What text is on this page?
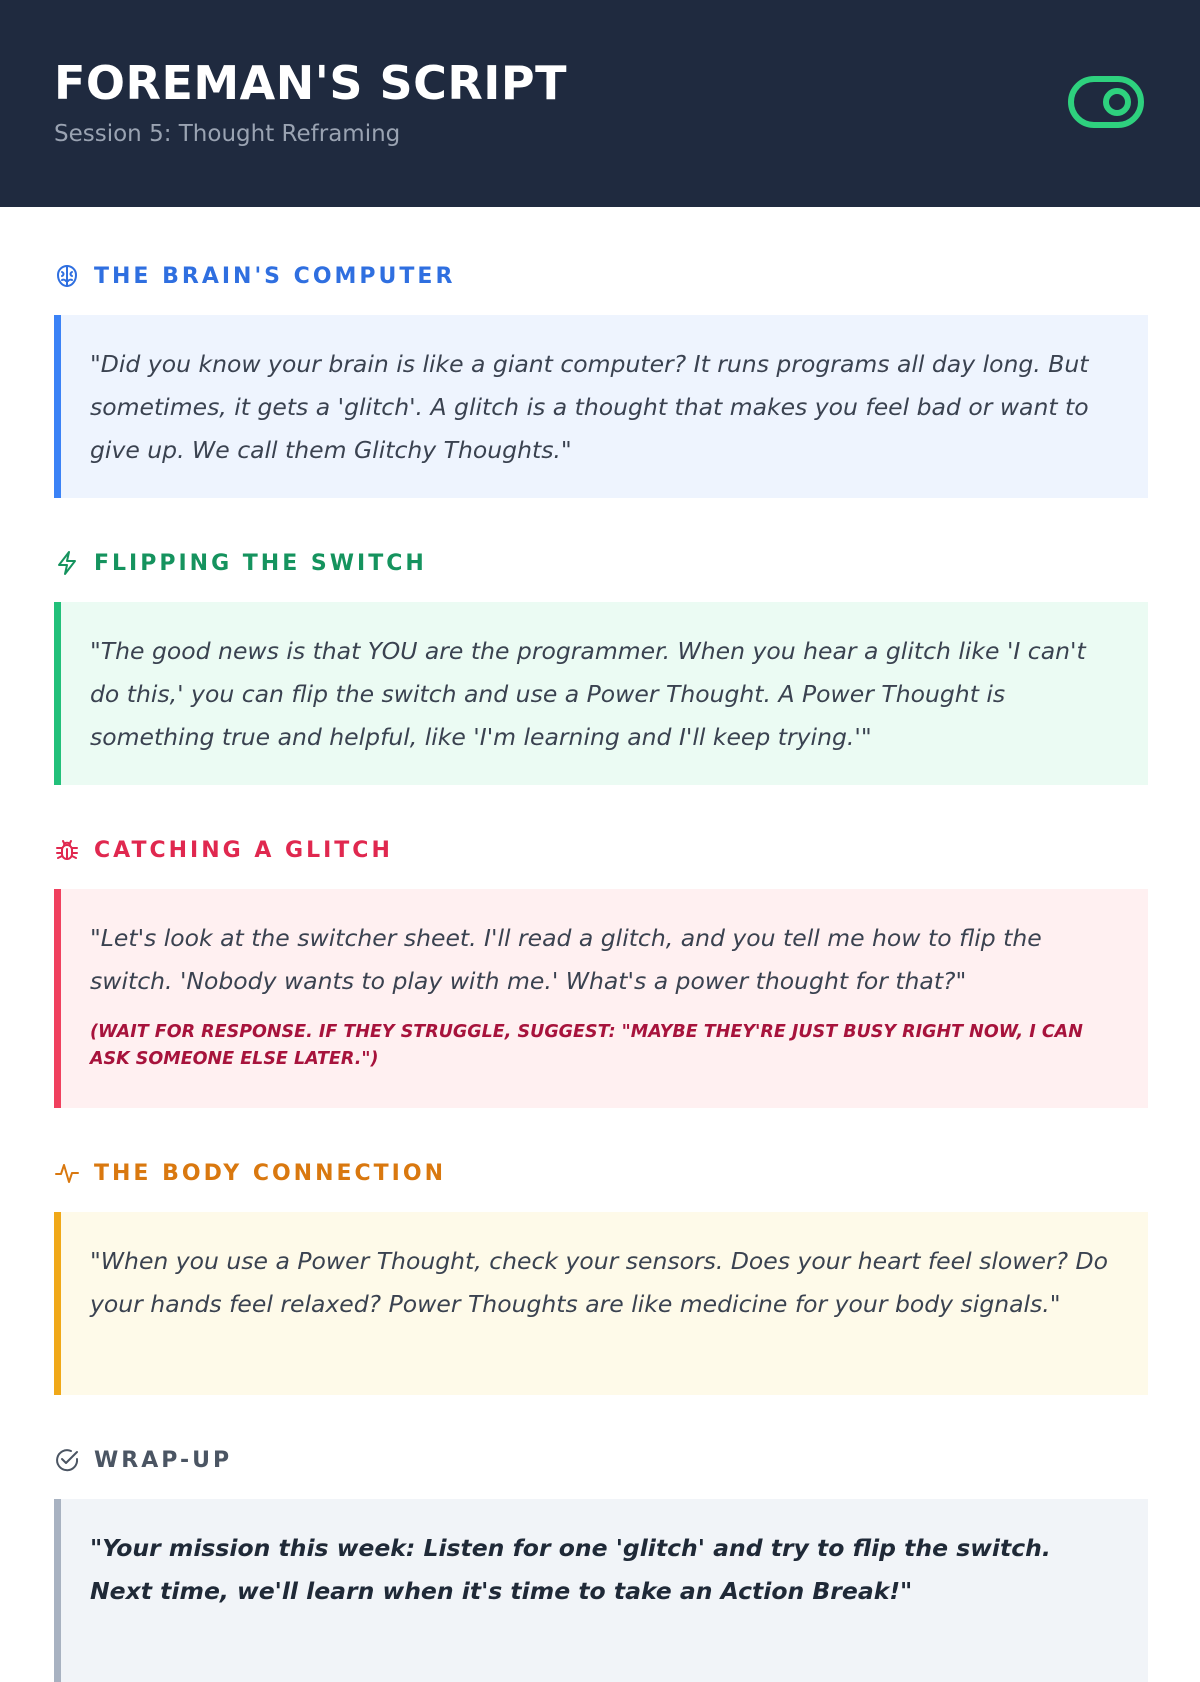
FOREMAN'S SCRIPT
Session 5: Thought Reframing
THE BRAIN'S COMPUTER

"Did you know your brain is like a giant computer? It runs programs all day long. But sometimes, it gets a 'glitch'. A glitch is a thought that makes you feel bad or want to give up. We call them Glitchy Thoughts."

FLIPPING THE SWITCH

"The good news is that YOU are the programmer. When you hear a glitch like 'I can't do this,' you can flip the switch and use a Power Thought. A Power Thought is something true and helpful, like 'I'm learning and I'll keep trying.'"

CATCHING A GLITCH

"Let's look at the switcher sheet. I'll read a glitch, and you tell me how to flip the switch. 'Nobody wants to play with me.' What's a power thought for that?"

(WAIT FOR RESPONSE. IF THEY STRUGGLE, SUGGEST: "MAYBE THEY'RE JUST BUSY RIGHT NOW, I CAN ASK SOMEONE ELSE LATER.")

THE BODY CONNECTION

"When you use a Power Thought, check your sensors. Does your heart feel slower? Do your hands feel relaxed? Power Thoughts are like medicine for your body signals."

WRAP-UP

"Your mission this week: Listen for one 'glitch' and try to flip the switch. Next time, we'll learn when it's time to take an Action Break!"
